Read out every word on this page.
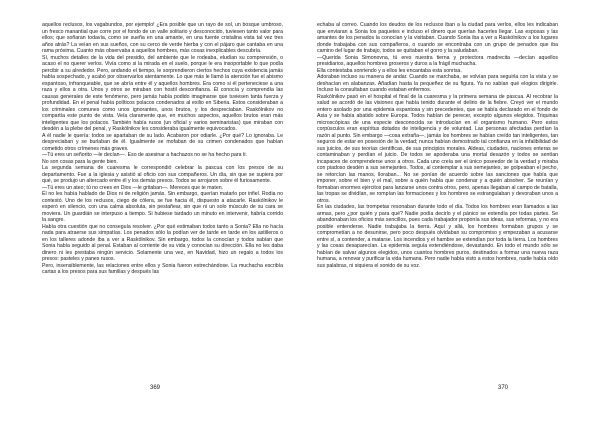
aquellos reclusos, los vagabundos, por ejemplo! ¿Era posible que un rayo de sol, un bosque umbroso, un fresco manantial que corre por el fondo de un valle solitario y desconocido, tuviesen tanto valor para ellos; que soñaran todavía, como se sueña en una amante, en una fuente cristalina vista tal vez tres años atrás? La veían en sus sueños, con su cerco de verde hierba y con el pájaro que cantaba en una rama próxima. Cuanto más observaba a aquellos hombres, más cosas inexplicables descubría.

Sí, muchos detalles de la vida del presidio, del ambiente que le rodeaba, eludían su comprensión, o acaso el no querer verlos. Vivía como si la mirada en el suelo, porque le era insoportable lo que podía percibir a su alrededor. Pero, andando el tiempo, le sorprendieron ciertos hechos cuya existencia jamás había sospechado, y acabó por observarlos atentamente. Lo que más le llamó la atención fue el abismo espantoso, infranqueable, que se abría entre él y aquellos hombres. Era como si él perteneciese a una raza y ellos a otra. Unos y otros se miraban con hostil desconfianza. Él conocía y comprendía las causas generales de este fenómeno, pero jamás había podido imaginarse que tuviesen tanta fuerza y profundidad. En el penal había políticos polacos condenados al exilio en Siberia. Estos consideraban a los criminales comunes como unos ignorantes, unos brutos, y los despreciaban. Raskólnikov no compartía este punto de vista. Veía claramente que, en muchos aspectos, aquellos brutos eran más inteligentes que los polacos. También había rusos (un oficial y varios seminaristas) que miraban con desdén a la plebe del penal, y Raskólnikov les consideraba igualmente equivocados.

A él nadie le quería: todos se apartaban de su lado. Acabaron por odiarle. ¿Por qué? Lo ignoraba. Le despreciaban y se burlaban de él. Igualmente se mofaban de su crimen condenados que habían cometido otros crímenes más graves.

—Tú eres un señorito —le decían—. Eso de asesinar a hachazos no se ha hecho para ti.

No son cosas para la gente bien.

La segunda semana de cuaresma le correspondió celebrar la pascua con los presos de su departamento. Fue a la iglesia y asistió al oficio con sus compañeros. Un día, sin que se supiera por qué, se produjo un altercado entre él y los demás presos. Todos se arrojaron sobre él furiosamente.

—Tú eres un ateo; tú no crees en Dios —le gritaban—. Mereces que te maten.

Él no les había hablado de Dios ni de religión jamás. Sin embargo, querían matarlo por infiel. Rodia no contestó. Uno de los reclusos, ciego de cólera, se fue hacia él, dispuesto a atacarle. Raskólnikov le esperó en silencio, con una calma absoluta, sin pestañear, sin que ni un solo músculo de su cara se moviera. Un guardián se interpuso a tiempo. Si hubiese tardado un minuto en intervenir, habría corrido la sangre.

Había otra cuestión que no conseguía resolver. ¿Por qué estimaban todos tanto a Sonia? Ella no hacía nada para atraerse sus simpatías. Los penados sólo la podían ver de tarde en tarde en los astilleros o en los talleres adonde iba a ver a Raskólnikov. Sin embargo, todos la conocían y todos sabían que Sonia había seguido al penal. Estaban al corriente de su vida y conocían su dirección. Ella no les daba dinero ni les prestaba ningún servicio. Solamente una vez, en Navidad, hizo un regalo a todos los presos: pasteles y panes rusos.

Pero, insensiblemente, las relaciones entre ellos y Sonia fueron estrechándose. La muchacha escribía cartas a los presos para sus familias y después las

369

echaba al correo. Cuando los deudos de los reclusos iban a la ciudad para verlos, ellos les indicaban que enviaran a Sonia los paquetes e incluso el dinero que querían hacerles llegar. Las esposas y las amantes de los penados la conocían y la visitaban. Cuando Sonia iba a ver a Raskólnikov a los lugares donde trabajaba con sus compañeros, o cuando se encontraba con un grupo de penados que iba camino del lugar de trabajo, todos se quitaban el gorro y la saludaban.

—Querida Sonia Simonovna, tú eres nuestra tierna y protectora madrecita —decían aquellos presidiarios, aquellos hombres groseros y duros a la frágil muchacha.

Ella contestaba sonriendo y a ellos les encantaba esta sonrisa.

Adoraban incluso su manera de andar. Cuando se marchaba, se volvían para seguirla con la vista y se deshacían en alabanzas. Añadían hasta la pequeñez de su figura. Ya no sabían qué elogios dirigirle. Incluso la consultaban cuando estaban enfermos.

Raskólnikov pasó en el hospital el final de la cuaresma y la primera semana de pascua. Al recobrar la salud se acordó de las visiones que había tenido durante el delirio de la fiebre. Creyó ver el mundo entero asolado por una epidemia espantosa y sin precedentes, que se había declarado en el fondo de Asia y se había abatido sobre Europa. Todos habían de perecer, excepto algunos elegidos. Triquinas microscópicas de una especie desconocida se introducían en el organismo humano. Pero estos corpúsculos eran espíritus dotados de inteligencia y de voluntad. Las personas afectadas perdían la razón al punto. Sin embargo —cosa extraña—, jamás los hombres se habían creído tan inteligentes, tan seguros de estar en posesión de la verdad; nunca habían demostrado tal confianza en la infalibilidad de sus juicios, de sus teorías científicas, de sus principios morales. Aldeas, ciudades, naciones enteras se contaminaban y perdían el juicio. De todos se apoderaba una mortal desazón y todos se sentían incapaces de comprenderse unos a otros. Cada uno creía ser el único poseedor de la verdad y miraba con piadoso desdén a sus semejantes. Todos, al contemplar a sus semejantes, se golpeaban el pecho, se retorcían las manos, lloraban... No se ponían de acuerdo sobre las sanciones que había que imponer, sobre el bien y el mal, sobre a quién había que condenar y a quién absolver. Se reunían y formaban enormes ejércitos para lanzarse unos contra otros, pero, apenas llegaban al campo de batalla, las tropas se dividían, se rompían las formaciones y los hombres se estrangulaban y devoraban unos a otros.

En las ciudades, las trompetas resonaban durante todo el día. Todos los hombres eran llamados a las armas, pero ¿por quién y para qué? Nadie podía decirlo y el pánico se extendía por todas partes. Se abandonaban los oficios más sencillos, pues cada trabajador proponía sus ideas, sus reformas, y no era posible entenderse. Nadie trabajaba la tierra. Aquí y allá, los hombres formaban grupos y se comprometían a no desunirse, pero poco después olvidaban su compromiso y empezaban a acusarse entre sí, a contender, a matarse. Los incendios y el hambre se extendían por toda la tierra. Los hombres y las cosas desaparecían. La epidemia seguía extendiéndose, devastando. En todo el mundo sólo se habían de salvar algunos elegidos, unos cuantos hombres puros, destinados a formar una nueva raza humana, a renovar y purificar la vida humana. Pero nadie había visto a estos hombres, nadie había oído sus palabras, ni siquiera el sonido de su voz.

370
